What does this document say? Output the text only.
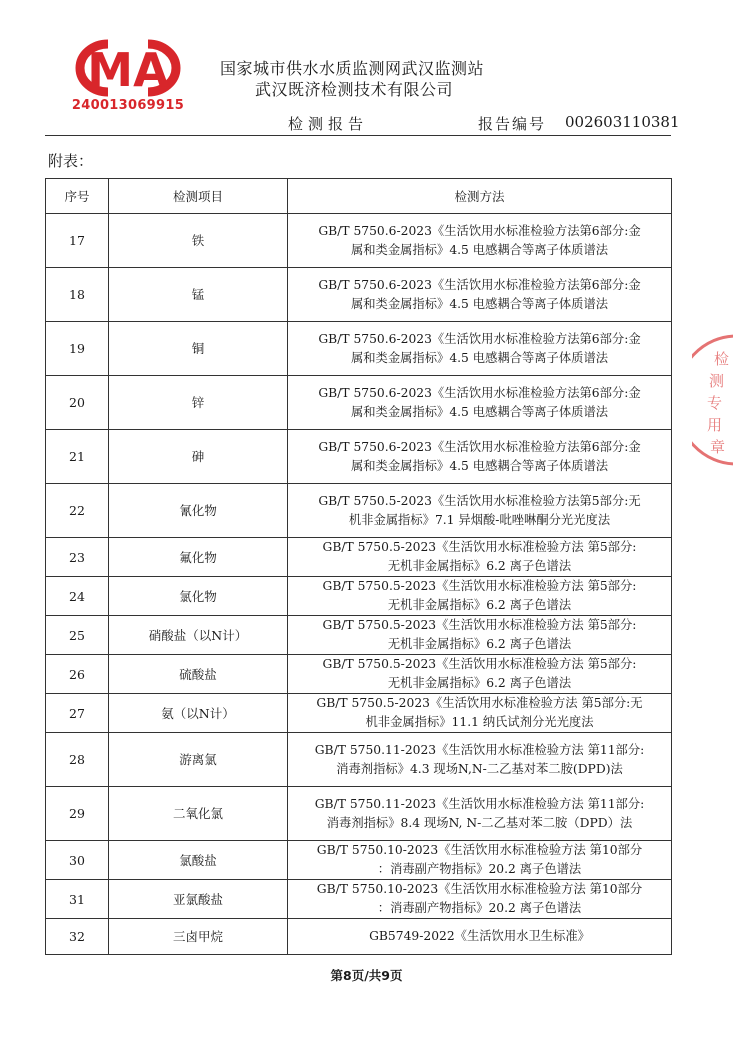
MA
240013069915
国家城市供水水质监测网武汉监测站
武汉既济检测技术有限公司
检测报告	报告编号 002603110381
附表：
序号	检测项目	检测方法
17	铁	GB/T 5750.6-2023《生活饮用水标准检验方法第6部分:金
属和类金属指标》4.5 电感耦合等离子体质谱法

18	锰	GB/T 5750.6-2023《生活饮用水标准检验方法第6部分:金
属和类金属指标》4.5 电感耦合等离子体质谱法

19	铜	GB/T 5750.6-2023《生活饮用水标准检验方法第6部分:金
属和类金属指标》4.5 电感耦合等离子体质谱法

20	锌	GB/T 5750.6-2023《生活饮用水标准检验方法第6部分:金
属和类金属指标》4.5 电感耦合等离子体质谱法

21	砷	GB/T 5750.6-2023《生活饮用水标准检验方法第6部分:金
属和类金属指标》4.5 电感耦合等离子体质谱法

22	氰化物	GB/T 5750.5-2023《生活饮用水标准检验方法第5部分:无
机非金属指标》7.1 异烟酸-吡唑啉酮分光光度法

23	氟化物	GB/T 5750.5-2023《生活饮用水标准检验方法 第5部分:
无机非金属指标》6.2 离子色谱法

24	氯化物	GB/T 5750.5-2023《生活饮用水标准检验方法 第5部分:
无机非金属指标》6.2 离子色谱法

25	硝酸盐（以N计）	GB/T 5750.5-2023《生活饮用水标准检验方法 第5部分:
无机非金属指标》6.2 离子色谱法

26	硫酸盐	GB/T 5750.5-2023《生活饮用水标准检验方法 第5部分:
无机非金属指标》6.2 离子色谱法

27	氨（以N计）	GB/T 5750.5-2023《生活饮用水标准检验方法 第5部分:无
机非金属指标》11.1 纳氏试剂分光光度法

28	游离氯	GB/T 5750.11-2023《生活饮用水标准检验方法 第11部分:
消毒剂指标》4.3 现场N,N-二乙基对苯二胺(DPD)法

29	二氧化氯	GB/T 5750.11-2023《生活饮用水标准检验方法 第11部分:
消毒剂指标》8.4 现场N, N-二乙基对苯二胺（DPD）法

30	氯酸盐	GB/T 5750.10-2023《生活饮用水标准检验方法 第10部分
：消毒副产物指标》20.2 离子色谱法

31	亚氯酸盐	GB/T 5750.10-2023《生活饮用水标准检验方法 第10部分
：消毒副产物指标》20.2 离子色谱法

32	三卤甲烷	GB5749-2022《生活饮用水卫生标准》
检
测
专
用
章
第8页/共9页
